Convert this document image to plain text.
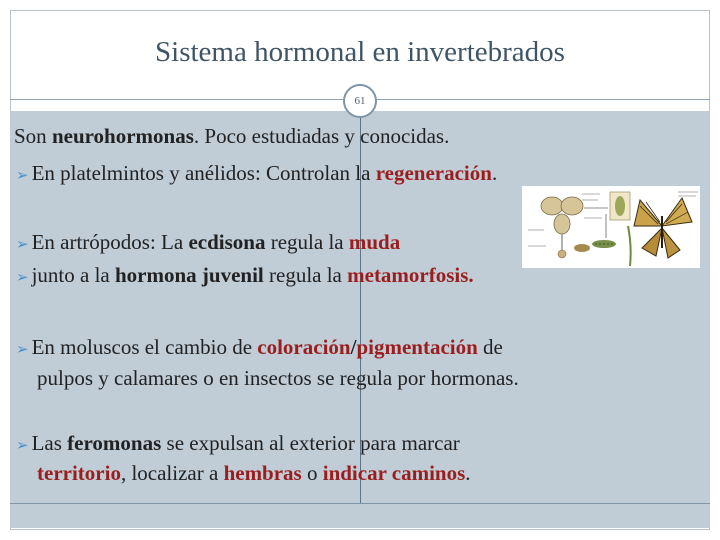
Sistema hormonal en invertebrados
61
Son neurohormonas. Poco estudiadas y conocidas.
➢ En platelmintos y anélidos: Controlan la regeneración.
➢ En artrópodos: La ecdisona regula la muda
➢ junto a la hormona juvenil regula la metamorfosis.
➢ En moluscos el cambio de coloración/pigmentación de
pulpos y calamares o en insectos se regula por hormonas.
➢ Las feromonas se expulsan al exterior para marcar
territorio, localizar a hembras o indicar caminos.
